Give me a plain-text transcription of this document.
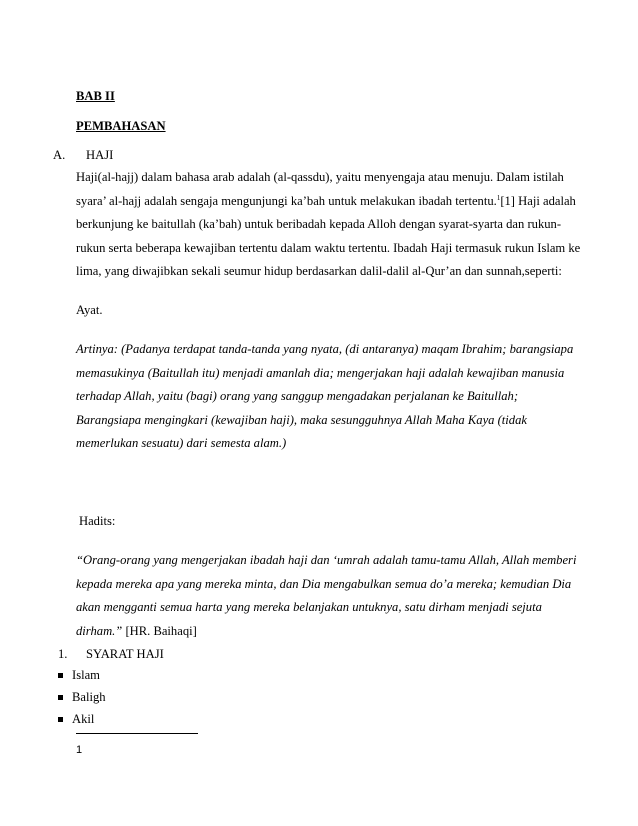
BAB II
PEMBAHASAN
A. HAJI
Haji(al-hajj) dalam bahasa arab adalah (al-qassdu), yaitu menyengaja atau menuju. Dalam istilah syara’ al-hajj adalah sengaja mengunjungi ka’bah untuk melakukan ibadah tertentu.$^1$[1] Haji adalah berkunjung ke baitullah (ka’bah) untuk beribadah kepada Alloh dengan syarat-syarta dan rukun-rukun serta beberapa kewajiban tertentu dalam waktu tertentu. Ibadah Haji termasuk rukun Islam ke lima, yang diwajibkan sekali seumur hidup berdasarkan dalil-dalil al-Qur’an dan sunnah,seperti:
Ayat.
Artinya: (Padanya terdapat tanda-tanda yang nyata, (di antaranya) maqam Ibrahim; barangsiapa memasukinya (Baitullah itu) menjadi amanlah dia; mengerjakan haji adalah kewajiban manusia terhadap Allah, yaitu (bagi) orang yang sanggup mengadakan perjalanan ke Baitullah; Barangsiapa mengingkari (kewajiban haji), maka sesungguhnya Allah Maha Kaya (tidak memerlukan sesuatu) dari semesta alam.)
Hadits:
“Orang-orang yang mengerjakan ibadah haji dan ‘umrah adalah tamu-tamu Allah, Allah memberi kepada mereka apa yang mereka minta, dan Dia mengabulkan semua do’a mereka; kemudian Dia akan mengganti semua harta yang mereka belanjakan untuknya, satu dirham menjadi sejuta dirham.” [HR. Baihaqi]
1. SYARAT HAJI
Islam
Baligh
Akil
1
